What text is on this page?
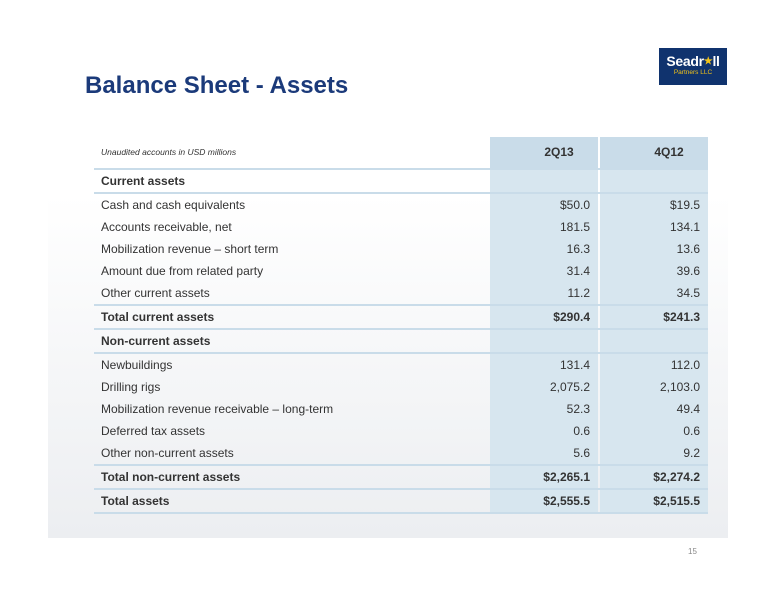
Balance Sheet - Assets
Seadr★ll
Partners LLC
Unaudited accounts in USD millions	2Q13	4Q12
Current assets
Cash and cash equivalents	$50.0	$19.5
Accounts receivable, net	181.5	134.1
Mobilization revenue – short term	16.3	13.6
Amount due from related party	31.4	39.6
Other current assets	11.2	34.5
Total current assets	$290.4	$241.3
Non-current assets
Newbuildings	131.4	112.0
Drilling rigs	2,075.2	2,103.0
Mobilization revenue receivable – long-term	52.3	49.4
Deferred tax assets	0.6	0.6
Other non-current assets	5.6	9.2
Total non-current assets	$2,265.1	$2,274.2
Total assets	$2,555.5	$2,515.5
15
